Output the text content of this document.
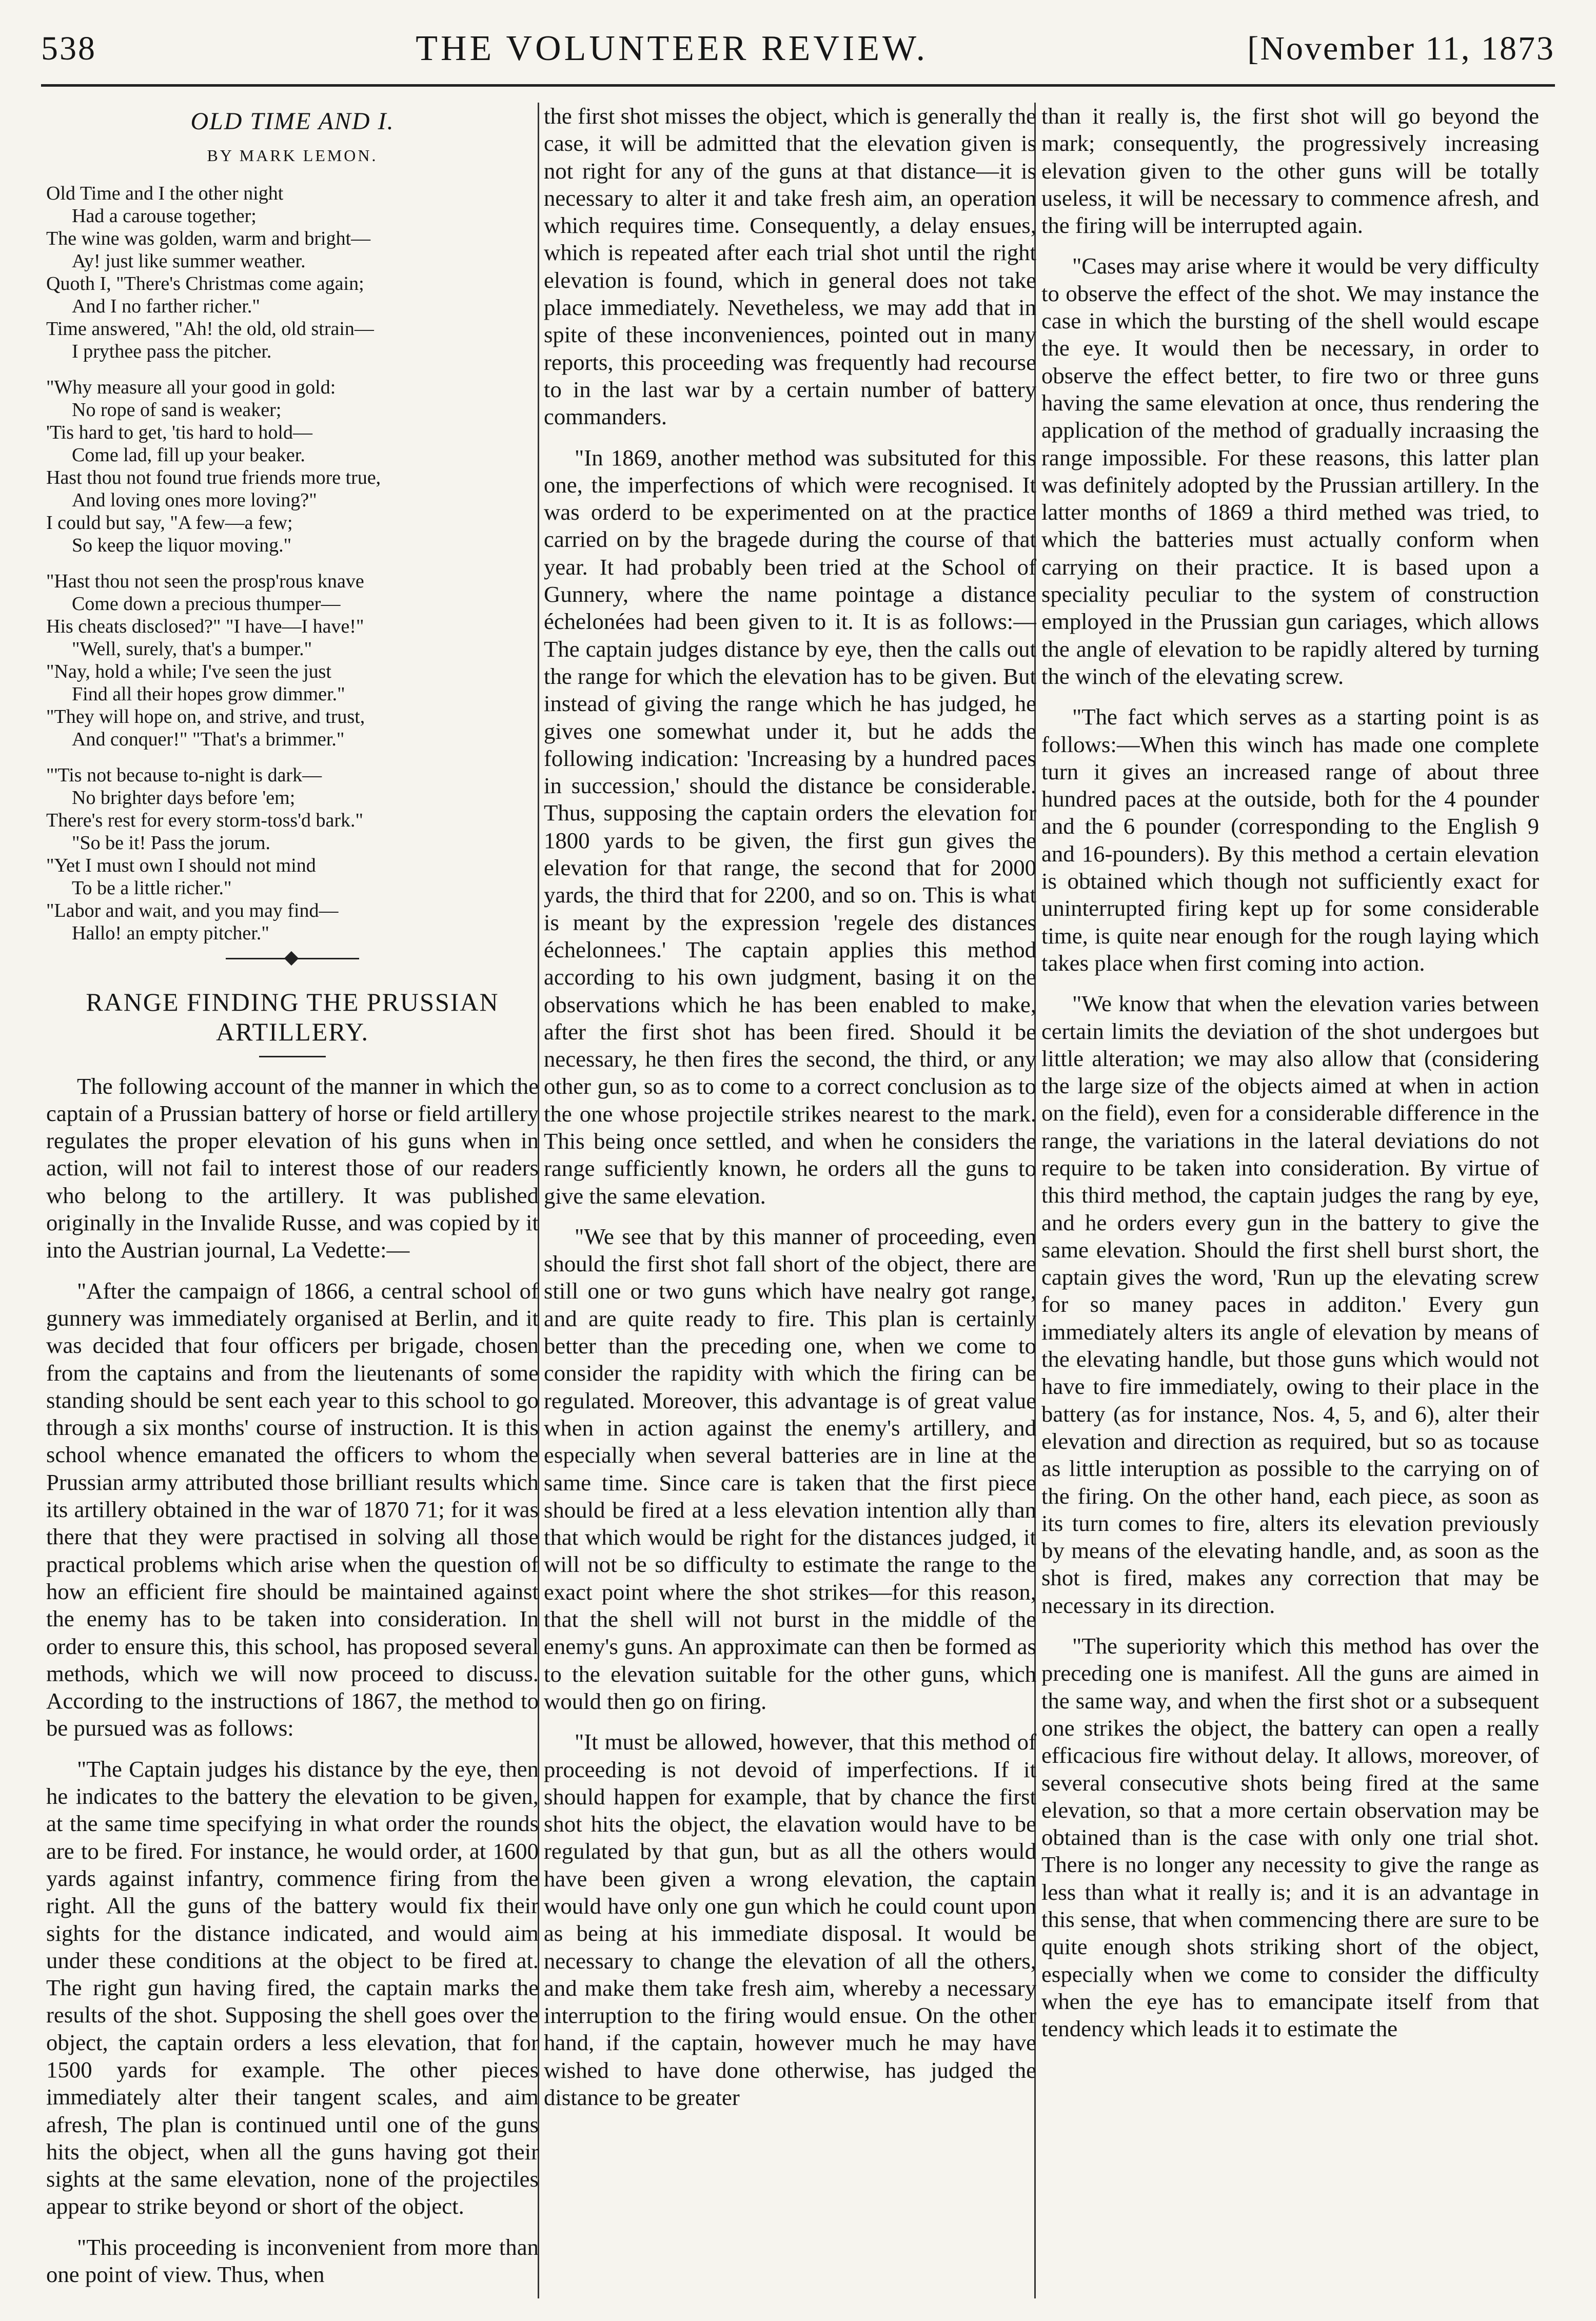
538	THE VOLUNTEER REVIEW.	[November 11, 1873
OLD TIME AND I.
BY MARK LEMON.
Old Time and I the other night
Had a carouse together;
The wine was golden, warm and bright—
Ay! just like summer weather.
Quoth I, "There's Christmas come again;
And I no farther richer."
Time answered, "Ah! the old, old strain—
I prythee pass the pitcher.
"Why measure all your good in gold:
No rope of sand is weaker;
'Tis hard to get, 'tis hard to hold—
Come lad, fill up your beaker.
Hast thou not found true friends more true,
And loving ones more loving?"
I could but say, "A few—a few;
So keep the liquor moving."
"Hast thou not seen the prosp'rous knave
Come down a precious thumper—
His cheats disclosed?" "I have—I have!"
"Well, surely, that's a bumper."
"Nay, hold a while; I've seen the just
Find all their hopes grow dimmer."
"They will hope on, and strive, and trust,
And conquer!" "That's a brimmer."
"'Tis not because to-night is dark—
No brighter days before 'em;
There's rest for every storm-toss'd bark."
"So be it! Pass the jorum.
"Yet I must own I should not mind
To be a little richer."
"Labor and wait, and you may find—
Hallo! an empty pitcher."
RANGE FINDING THE PRUSSIAN ARTILLERY.

The following account of the manner in which the captain of a Prussian battery of horse or field artillery regulates the proper elevation of his guns when in action, will not fail to interest those of our readers who belong to the artillery. It was published originally in the Invalide Russe, and was copied by it into the Austrian journal, La Vedette:—

"After the campaign of 1866, a central school of gunnery was immediately organised at Berlin, and it was decided that four officers per brigade, chosen from the captains and from the lieutenants of some standing should be sent each year to this school to go through a six months' course of instruction. It is this school whence emanated the officers to whom the Prussian army attributed those brilliant results which its artillery obtained in the war of 1870 71; for it was there that they were practised in solving all those practical problems which arise when the question of how an efficient fire should be maintained against the enemy has to be taken into consideration. In order to ensure this, this school, has proposed several methods, which we will now proceed to discuss. According to the instructions of 1867, the method to be pursued was as follows:

"The Captain judges his distance by the eye, then he indicates to the battery the elevation to be given, at the same time specifying in what order the rounds are to be fired. For instance, he would order, at 1600 yards against infantry, commence firing from the right. All the guns of the battery would fix their sights for the distance indicated, and would aim under these conditions at the object to be fired at. The right gun having fired, the captain marks the results of the shot. Supposing the shell goes over the object, the captain orders a less elevation, that for 1500 yards for example. The other pieces immediately alter their tangent scales, and aim afresh, The plan is continued until one of the guns hits the object, when all the guns having got their sights at the same elevation, none of the projectiles appear to strike beyond or short of the object.

"This proceeding is inconvenient from more than one point of view. Thus, when

the first shot misses the object, which is generally the case, it will be admitted that the elevation given is not right for any of the guns at that distance—it is necessary to alter it and take fresh aim, an operation which requires time. Consequently, a delay ensues, which is repeated after each trial shot until the right elevation is found, which in general does not take place immediately. Nevetheless, we may add that in spite of these inconveniences, pointed out in many reports, this proceeding was frequently had recourse to in the last war by a certain number of battery commanders.

"In 1869, another method was subsituted for this one, the imperfections of which were recognised. It was orderd to be experimented on at the practice carried on by the bragede during the course of that year. It had probably been tried at the School of Gunnery, where the name pointage a distance échelonées had been given to it. It is as follows:—The captain judges distance by eye, then the calls out the range for which the elevation has to be given. But instead of giving the range which he has judged, he gives one somewhat under it, but he adds the following indication: 'Increasing by a hundred paces in succession,' should the distance be considerable. Thus, supposing the captain orders the elevation for 1800 yards to be given, the first gun gives the elevation for that range, the second that for 2000 yards, the third that for 2200, and so on. This is what is meant by the expression 'regele des distances échelonnees.' The captain applies this method according to his own judgment, basing it on the observations which he has been enabled to make, after the first shot has been fired. Should it be necessary, he then fires the second, the third, or any other gun, so as to come to a correct conclusion as to the one whose projectile strikes nearest to the mark. This being once settled, and when he considers the range sufficiently known, he orders all the guns to give the same elevation.

"We see that by this manner of proceeding, even should the first shot fall short of the object, there are still one or two guns which have nealry got range, and are quite ready to fire. This plan is certainly better than the preceding one, when we come to consider the rapidity with which the firing can be regulated. Moreover, this advantage is of great value when in action against the enemy's artillery, and especially when several batteries are in line at the same time. Since care is taken that the first piece should be fired at a less elevation intention ally than that which would be right for the distances judged, it will not be so difficulty to estimate the range to the exact point where the shot strikes—for this reason, that the shell will not burst in the middle of the enemy's guns. An approximate can then be formed as to the elevation suitable for the other guns, which would then go on firing.

"It must be allowed, however, that this method of proceeding is not devoid of imperfections. If it should happen for example, that by chance the first shot hits the object, the elavation would have to be regulated by that gun, but as all the others would have been given a wrong elevation, the captain would have only one gun which he could count upon as being at his immediate disposal. It would be necessary to change the elevation of all the others, and make them take fresh aim, whereby a necessary interruption to the firing would ensue. On the other hand, if the captain, however much he may have wished to have done otherwise, has judged the distance to be greater

than it really is, the first shot will go beyond the mark; consequently, the progressively increasing elevation given to the other guns will be totally useless, it will be necessary to commence afresh, and the firing will be interrupted again.

"Cases may arise where it would be very difficulty to observe the effect of the shot. We may instance the case in which the bursting of the shell would escape the eye. It would then be necessary, in order to observe the effect better, to fire two or three guns having the same elevation at once, thus rendering the application of the method of gradually incraasing the range impossible. For these reasons, this latter plan was definitely adopted by the Prussian artillery. In the latter months of 1869 a third methed was tried, to which the batteries must actually conform when carrying on their practice. It is based upon a speciality peculiar to the system of construction employed in the Prussian gun cariages, which allows the angle of elevation to be rapidly altered by turning the winch of the elevating screw.

"The fact which serves as a starting point is as follows:—When this winch has made one complete turn it gives an increased range of about three hundred paces at the outside, both for the 4 pounder and the 6 pounder (corresponding to the English 9 and 16-pounders). By this method a certain elevation is obtained which though not sufficiently exact for uninterrupted firing kept up for some considerable time, is quite near enough for the rough laying which takes place when first coming into action.

"We know that when the elevation varies between certain limits the deviation of the shot undergoes but little alteration; we may also allow that (considering the large size of the objects aimed at when in action on the field), even for a considerable difference in the range, the variations in the lateral deviations do not require to be taken into consideration. By virtue of this third method, the captain judges the rang by eye, and he orders every gun in the battery to give the same elevation. Should the first shell burst short, the captain gives the word, 'Run up the elevating screw for so maney paces in additon.' Every gun immediately alters its angle of elevation by means of the elevating handle, but those guns which would not have to fire immediately, owing to their place in the battery (as for instance, Nos. 4, 5, and 6), alter their elevation and direction as required, but so as tocause as little interuption as possible to the carrying on of the firing. On the other hand, each piece, as soon as its turn comes to fire, alters its elevation previously by means of the elevating handle, and, as soon as the shot is fired, makes any correction that may be necessary in its direction.

"The superiority which this method has over the preceding one is manifest. All the guns are aimed in the same way, and when the first shot or a subsequent one strikes the object, the battery can open a really efficacious fire without delay. It allows, moreover, of several consecutive shots being fired at the same elevation, so that a more certain observation may be obtained than is the case with only one trial shot. There is no longer any necessity to give the range as less than what it really is; and it is an advantage in this sense, that when commencing there are sure to be quite enough shots striking short of the object, especially when we come to consider the difficulty when the eye has to emancipate itself from that tendency which leads it to estimate the
